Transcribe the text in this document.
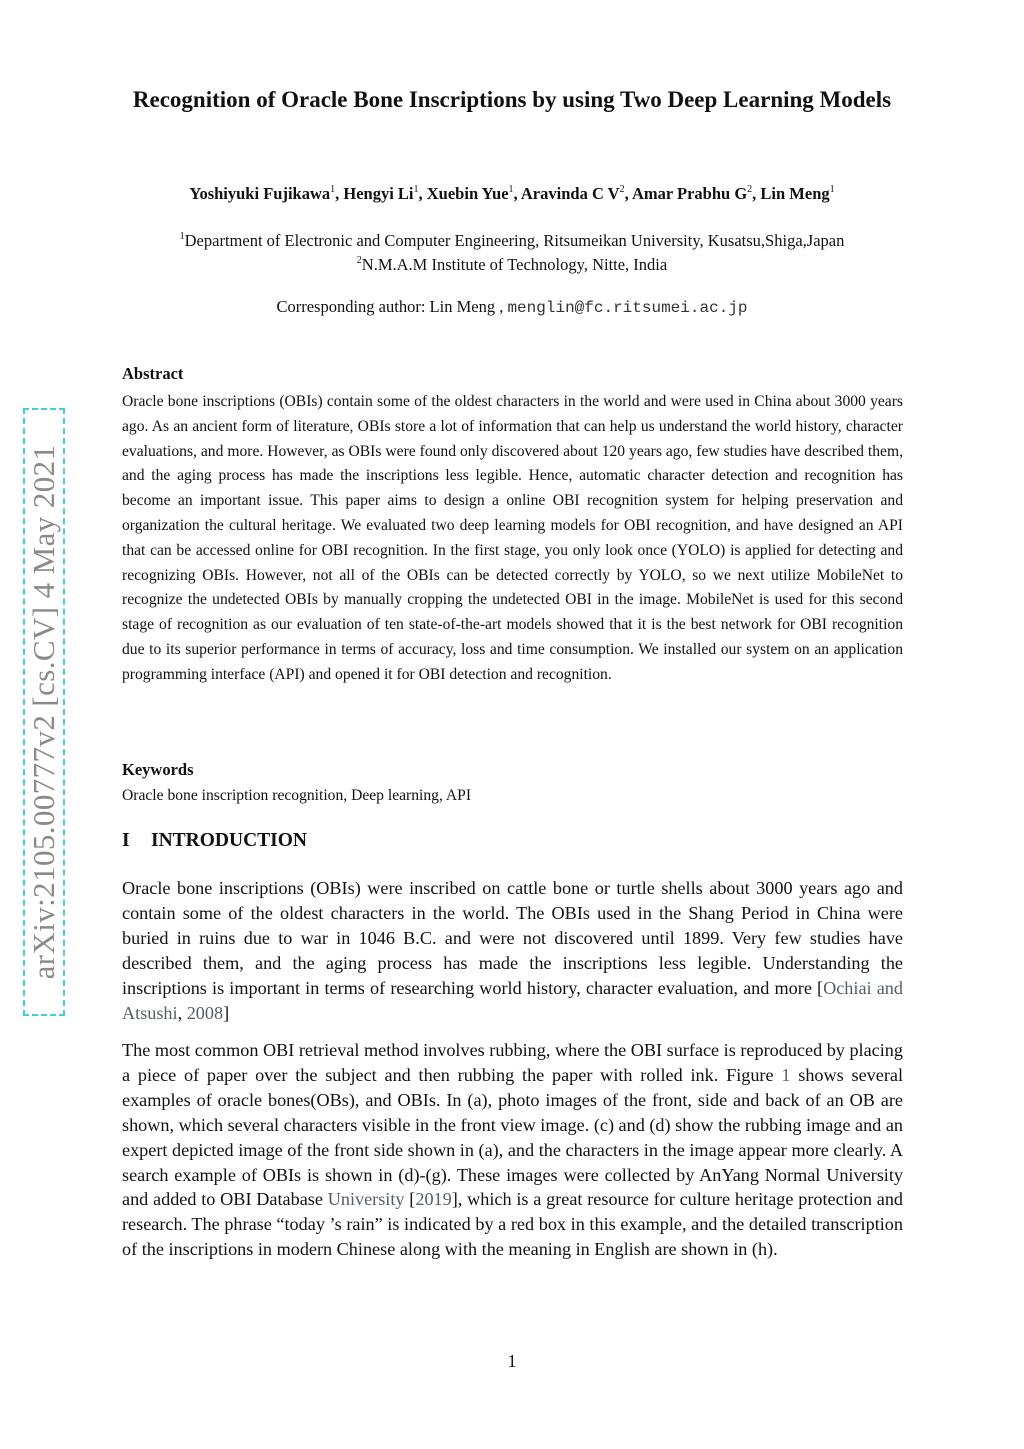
arXiv:2105.00777v2 [cs.CV] 4 May 2021
Recognition of Oracle Bone Inscriptions by using Two Deep Learning Models
Yoshiyuki Fujikawa$^1$, Hengyi Li$^1$, Xuebin Yue$^1$, Aravinda C $V^2$, Amar Prabhu $G^2$, Lin Meng$^1$
$^1$Department of Electronic and Computer Engineering, Ritsumeikan University, Kusatsu,Shiga,Japan
$^2$N.M.A.M Institute of Technology, Nitte, India
Corresponding author: Lin Meng , menglin@fc.ritsumei.ac.jp
Abstract

Oracle bone inscriptions (OBIs) contain some of the oldest characters in the world and were used in China about 3000 years ago. As an ancient form of literature, OBIs store a lot of information that can help us understand the world history, character evaluations, and more. However, as OBIs were found only discovered about 120 years ago, few studies have described them, and the aging process has made the inscriptions less legible. Hence, automatic character detection and recognition has become an important issue. This paper aims to design a online OBI recognition system for helping preservation and organization the cultural heritage. We evaluated two deep learning models for OBI recognition, and have designed an API that can be accessed online for OBI recognition. In the first stage, you only look once (YOLO) is applied for detecting and recognizing OBIs. However, not all of the OBIs can be detected correctly by YOLO, so we next utilize MobileNet to recognize the undetected OBIs by manually cropping the undetected OBI in the image. MobileNet is used for this second stage of recognition as our evaluation of ten state-of-the-art models showed that it is the best network for OBI recognition due to its superior performance in terms of accuracy, loss and time consumption. We installed our system on an application programming interface (API) and opened it for OBI detection and recognition.

Keywords

Oracle bone inscription recognition, Deep learning, API

I INTRODUCTION

Oracle bone inscriptions (OBIs) were inscribed on cattle bone or turtle shells about 3000 years ago and contain some of the oldest characters in the world. The OBIs used in the Shang Period in China were buried in ruins due to war in 1046 B.C. and were not discovered until 1899. Very few studies have described them, and the aging process has made the inscriptions less legible. Understanding the inscriptions is important in terms of researching world history, character evaluation, and more [Ochiai and Atsushi, 2008]

The most common OBI retrieval method involves rubbing, where the OBI surface is reproduced by placing a piece of paper over the subject and then rubbing the paper with rolled ink. Figure 1 shows several examples of oracle bones(OBs), and OBIs. In (a), photo images of the front, side and back of an OB are shown, which several characters visible in the front view image. (c) and (d) show the rubbing image and an expert depicted image of the front side shown in (a), and the characters in the image appear more clearly. A search example of OBIs is shown in (d)-(g). These images were collected by AnYang Normal University and added to OBI Database University [2019], which is a great resource for culture heritage protection and research. The phrase “today ’s rain” is indicated by a red box in this example, and the detailed transcription of the inscriptions in modern Chinese along with the meaning in English are shown in (h).

1
